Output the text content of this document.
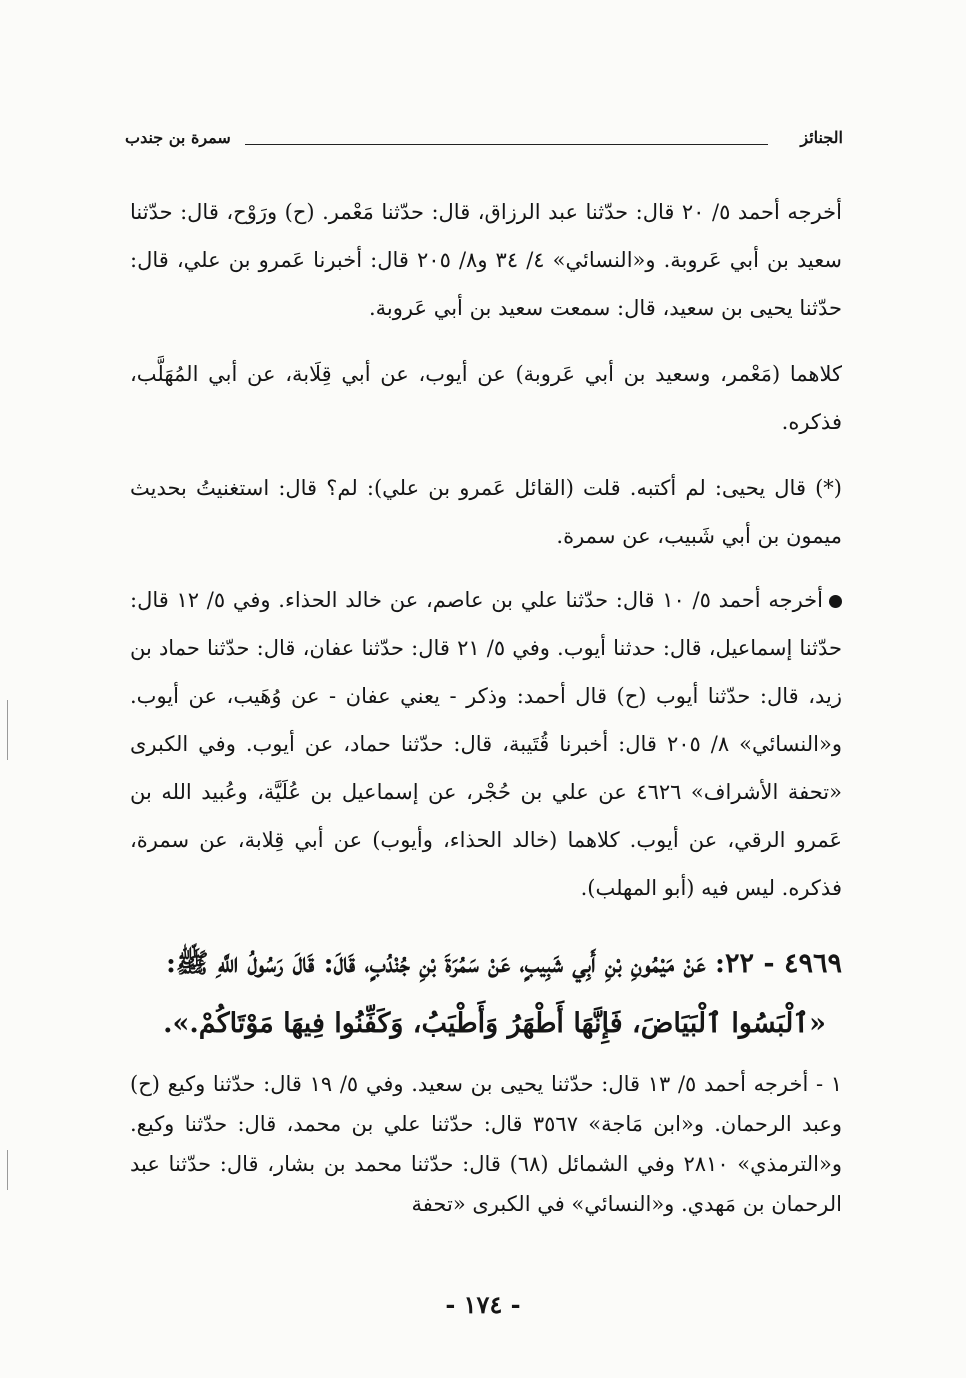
الجنائز
سمرة بن جندب

أخرجه أحمد ٥/ ٢٠ قال: حدّثنا عبد الرزاق، قال: حدّثنا مَعْمر. (ح) ورَوْح، قال: حدّثنا سعيد بن أبي عَروبة. و«النسائي» ٤/ ٣٤ و٨/ ٢٠٥ قال: أخبرنا عَمرو بن علي، قال: حدّثنا يحيى بن سعيد، قال: سمعت سعيد بن أبي عَروبة.

كلاهما (مَعْمر، وسعيد بن أبي عَروبة) عن أيوب، عن أبي قِلَابة، عن أبي المُهَلَّب، فذكره.

(*) قال يحيى: لم أكتبه. قلت (القائل عَمرو بن علي): لم؟ قال: استغنيتُ بحديث ميمون بن أبي شَبيب، عن سمرة.

أخرجه أحمد ٥/ ١٠ قال: حدّثنا علي بن عاصم، عن خالد الحذاء. وفي ٥/ ١٢ قال: حدّثنا إسماعيل، قال: حدثنا أيوب. وفي ٥/ ٢١ قال: حدّثنا عفان، قال: حدّثنا حماد بن زيد، قال: حدّثنا أيوب (ح) قال أحمد: وذكر - يعني عفان - عن وُهَيب، عن أيوب. و«النسائي» ٨/ ٢٠٥ قال: أخبرنا قُتَيبة، قال: حدّثنا حماد، عن أيوب. وفي الكبرى «تحفة الأشراف» ٤٦٢٦ عن علي بن حُجْر، عن إسماعيل بن عُلَيَّة، وعُبيد الله بن عَمرو الرقي، عن أيوب. كلاهما (خالد الحذاء، وأيوب) عن أبي قِلابة، عن سمرة، فذكره. ليس فيه (أبو المهلب).

٤٩٦٩ - ٢٢: عَنْ مَيْمُونِ بْنِ أَبِي شَبِيبٍ، عَنْ سَمُرَةَ بْنِ جُنْدُبٍ، قَالَ: قَالَ رَسُولُ اللَّهِ ﷺ:
«ٱلْبَسُوا ٱلْبَيَاضَ، فَإِنَّهَا أَطْهَرُ وَأَطْيَبُ، وَكَفِّنُوا فِيهَا مَوْتَاكُمْ.».

١ - أخرجه أحمد ٥/ ١٣ قال: حدّثنا يحيى بن سعيد. وفي ٥/ ١٩ قال: حدّثنا وكيع (ح) وعبد الرحمان. و«ابن مَاجة» ٣٥٦٧ قال: حدّثنا علي بن محمد، قال: حدّثنا وكيع. و«الترمذي» ٢٨١٠ وفي الشمائل (٦٨) قال: حدّثنا محمد بن بشار، قال: حدّثنا عبد الرحمان بن مَهدي. و«النسائي» في الكبرى «تحفة

- ١٧٤ -
